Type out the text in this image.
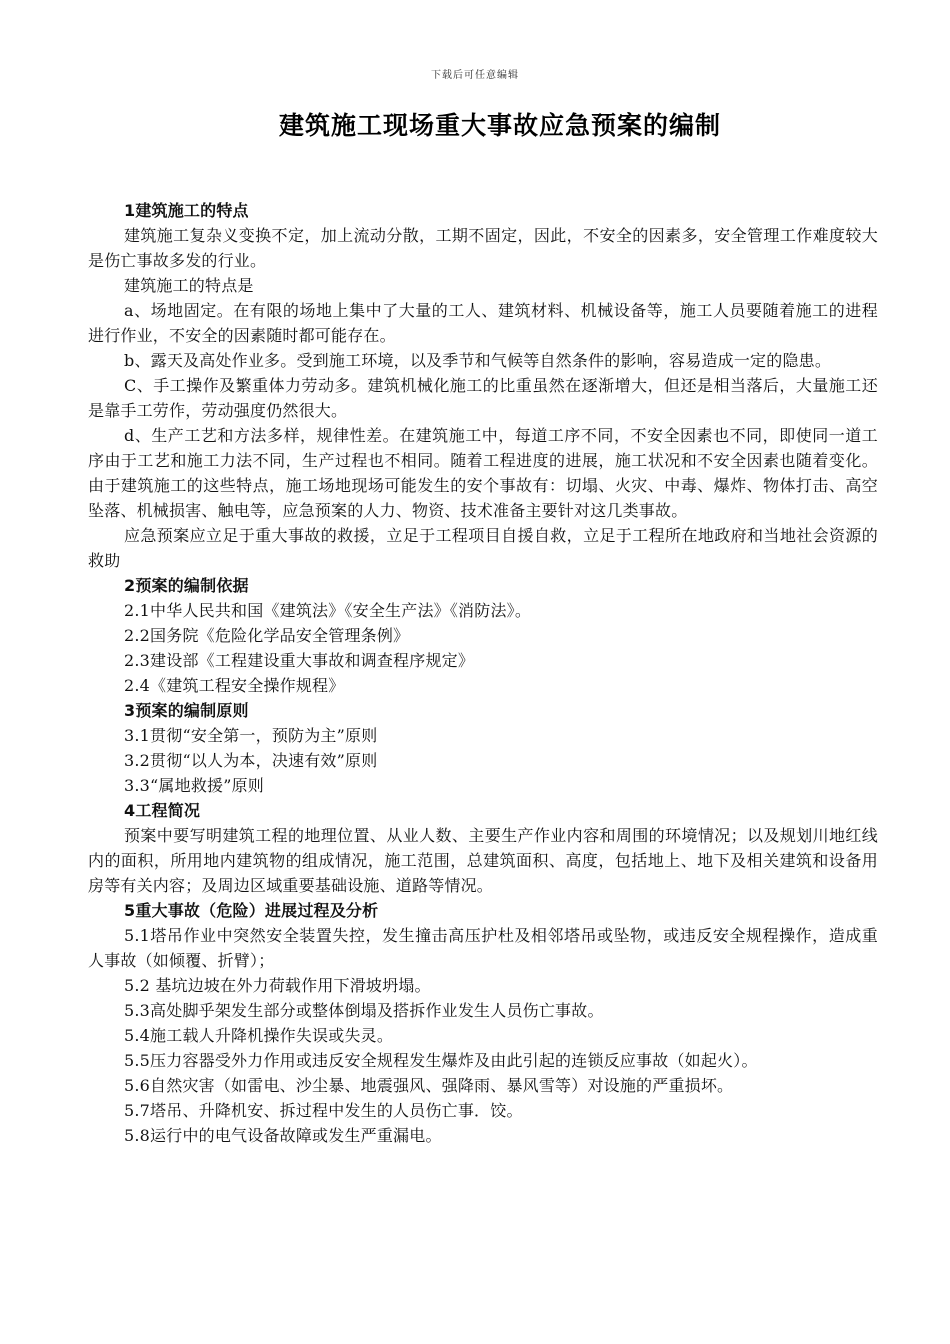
下载后可任意编辑
建筑施工现场重大事故应急预案的编制

1建筑施工的特点

建筑施工复杂义变换不定，加上流动分散，工期不固定，因此，不安全的因素多，安全管理工作难度较大是伤亡事故多发的行业。

建筑施工的特点是

a、场地固定。在有限的场地上集中了大量的工人、建筑材料、机械设备等，施工人员要随着施工的进程进行作业，不安全的因素随时都可能存在。

b、露天及高处作业多。受到施工环境，以及季节和气候等自然条件的影响，容易造成一定的隐患。

C、手工操作及繁重体力劳动多。建筑机械化施工的比重虽然在逐渐增大，但还是相当落后，大量施工还是靠手工劳作，劳动强度仍然很大。

d、生产工艺和方法多样，规律性差。在建筑施工中，每道工序不同，不安全因素也不同，即使同一道工序由于工艺和施工力法不同，生产过程也不相同。随着工程进度的进展，施工状况和不安全因素也随着变化。由于建筑施工的这些特点，施工场地现场可能发生的安个事故有：切塌、火灾、中毒、爆炸、物体打击、高空坠落、机械损害、触电等，应急预案的人力、物资、技术准备主要针对这几类事故。

应急预案应立足于重大事故的救援，立足于工程项目自援自救，立足于工程所在地政府和当地社会资源的救助

2预案的编制依据

2.1中华人民共和国《建筑法》《安全生产法》《消防法》。

2.2国务院《危险化学品安全管理条例》

2.3建设部《工程建设重大事故和调查程序规定》

2.4《建筑工程安全操作规程》

3预案的编制原则

3.1贯彻“安全第一，预防为主”原则

3.2贯彻“以人为本，决速有效”原则

3.3“属地救援”原则

4工程简况

预案中要写明建筑工程的地理位置、从业人数、主要生产作业内容和周围的环境情况；以及规划川地红线内的面积，所用地内建筑物的组成情况，施工范围，总建筑面积、高度，包括地上、地下及相关建筑和设备用房等有关内容；及周边区域重要基础设施、道路等情况。

5重大事故（危险）进展过程及分析

5.1塔吊作业中突然安全装置失控，发生撞击高压护杜及相邻塔吊或坠物，或违反安全规程操作，造成重人事故（如倾覆、折臂）；

5.2 基坑边坡在外力荷载作用下滑坡坍塌。

5.3高处脚乎架发生部分或整体倒塌及搭拆作业发生人员伤亡事故。

5.4施工载人升降机操作失误或失灵。

5.5压力容器受外力作用或违反安全规程发生爆炸及由此引起的连锁反应事故（如起火）。

5.6自然灾害（如雷电、沙尘暴、地震强风、强降雨、暴风雪等）对设施的严重损坏。

5.7塔吊、升降机安、拆过程中发生的人员伤亡事．饺。

5.8运行中的电气设备故障或发生严重漏电。
